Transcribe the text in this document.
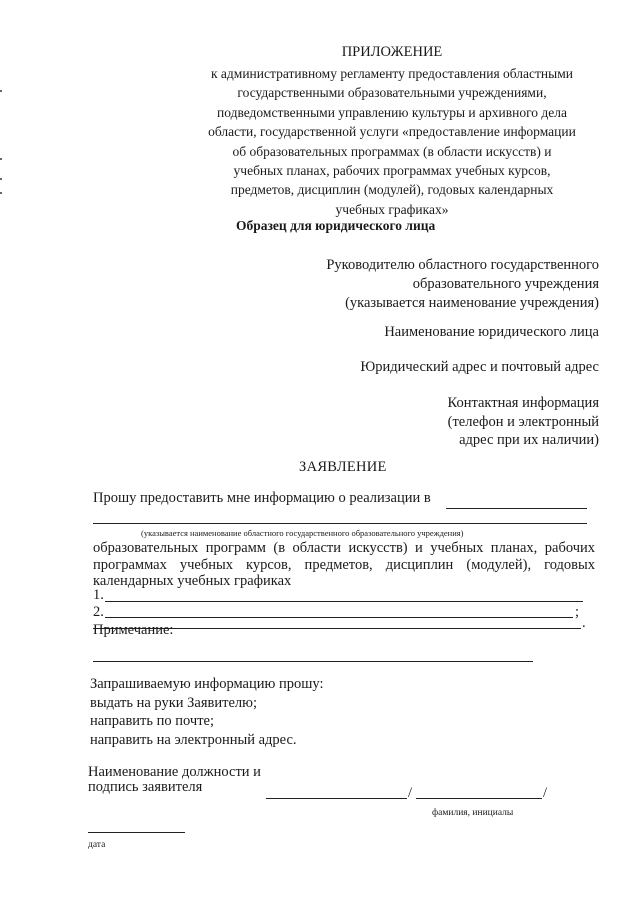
ПРИЛОЖЕНИЕ
к административному регламенту предоставления областными
государственными образовательными учреждениями,
подведомственными управлению культуры и архивного дела
области, государственной услуги «предоставление информации
об образовательных программах (в области искусств) и
учебных планах, рабочих программах учебных курсов,
предметов, дисциплин (модулей), годовых календарных
учебных графиках»
Образец для юридического лица
Руководителю областного государственного
образовательного учреждения
(указывается наименование учреждения)
Наименование юридического лица
Юридический адрес и почтовый адрес
Контактная информация
(телефон и электронный
адрес при их наличии)
ЗАЯВЛЕНИЕ
Прошу предоставить мне информацию о реализации в
(указывается наименование областного государственного образовательного учреждения)
образовательных программ (в области искусств) и учебных планах, рабочих
программах учебных курсов, предметов, дисциплин (модулей), годовых
календарных учебных графиках
1.
2.	;
.
Примечание:
Запрашиваемую информацию прошу:
выдать на руки Заявителю;
направить по почте;
направить на электронный адрес.
Наименование должности и
подпись заявителя	/	/
фамилия, инициалы
дата
